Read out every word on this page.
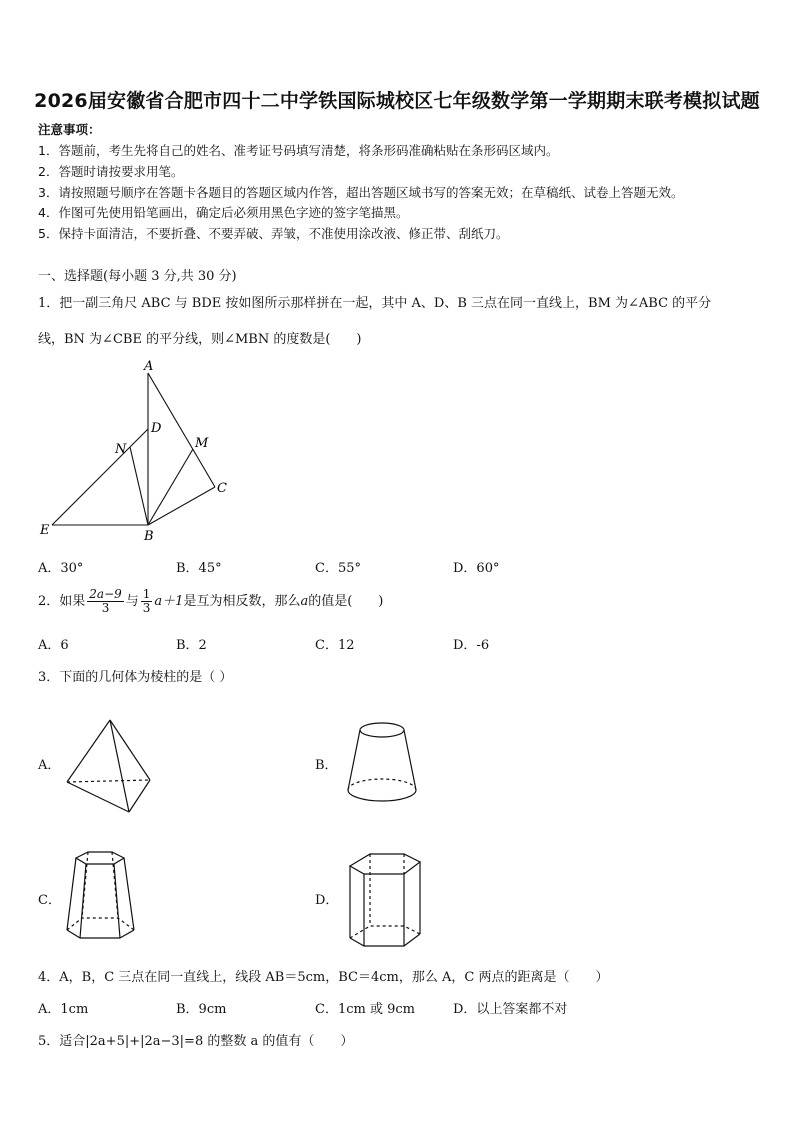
2026届安徽省合肥市四十二中学铁国际城校区七年级数学第一学期期末联考模拟试题
注意事项：
1．答题前，考生先将自己的姓名、准考证号码填写清楚，将条形码准确粘贴在条形码区域内。
2．答题时请按要求用笔。
3．请按照题号顺序在答题卡各题目的答题区域内作答，超出答题区域书写的答案无效；在草稿纸、试卷上答题无效。
4．作图可先使用铅笔画出，确定后必须用黑色字迹的签字笔描黑。
5．保持卡面清洁，不要折叠、不要弄破、弄皱，不准使用涂改液、修正带、刮纸刀。
一、选择题(每小题 3 分,共 30 分)
1．把一副三角尺 ABC 与 BDE 按如图所示那样拼在一起，其中 A、D、B 三点在同一直线上，BM 为∠ABC 的平分
线，BN 为∠CBE 的平分线，则∠MBN 的度数是(　　)
A
D
M
N
C
E	B
A．30°	B．45°	C．55°	D．60°
2．如果 $\frac{2a-9}{3}$ 与 $\frac{1}{3} a+1$是互为相反数，那么a的值是(　　)
A．6	B．2	C．12	D．-6
3．下面的几何体为棱柱的是（ ）
A．	B．
C．	D．
4．A，B，C 三点在同一直线上，线段 AB＝5cm，BC＝4cm，那么 A，C 两点的距离是（　　）
A．1cm	B．9cm	C．1cm 或 9cm	D．以上答案都不对
5．适合|2a+5|+|2a−3|=8 的整数 a 的值有（　　）
